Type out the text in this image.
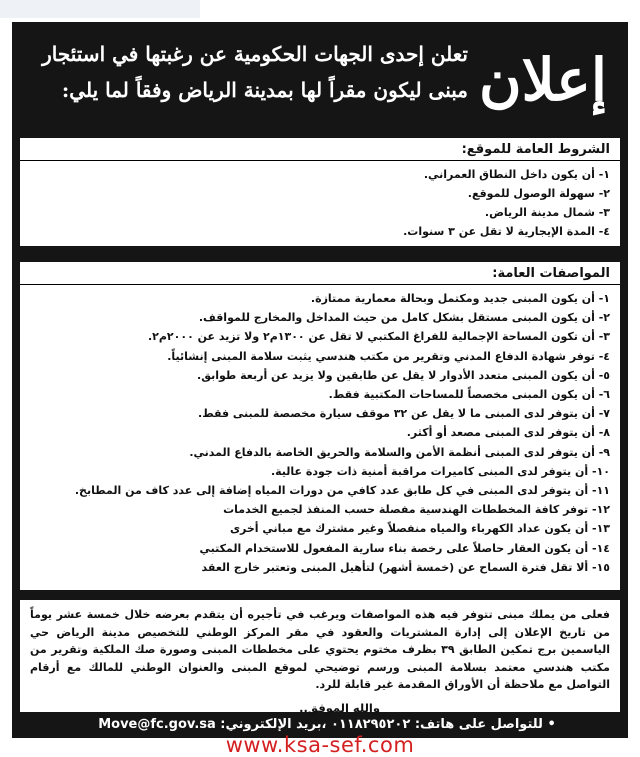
إعلان
تعلن إحدى الجهات الحكومية عن رغبتها في استئجار
مبنى ليكون مقراً لها بمدينة الرياض وفقاً لما يلي:
الشروط العامة للموقع:
١- أن يكون داخل النطاق العمراني.
٢- سهولة الوصول للموقع.
٣- شمال مدينة الرياض.
٤- المدة الإيجارية لا تقل عن ٣ سنوات.
المواصفات العامة:
١- أن يكون المبنى جديد ومكتمل وبحالة معمارية ممتازة.
٢- أن يكون المبنى مستقل بشكل كامل من حيث المداخل والمخارج للمواقف.
٣- أن تكون المساحة الإجمالية للفراغ المكتبي لا تقل عن ١٣٠٠م٢ ولا تزيد عن ٢٠٠٠م٢.
٤- توفر شهادة الدفاع المدني وتقرير من مكتب هندسي يثبت سلامة المبنى إنشائياً.
٥- أن يكون المبنى متعدد الأدوار لا يقل عن طابقين ولا يزيد عن أربعة طوابق.
٦- أن يكون المبنى مخصصاً للمساحات المكتبية فقط.
٧- أن يتوفر لدى المبنى ما لا يقل عن ٣٢ موقف سيارة مخصصة للمبنى فقط.
٨- أن يتوفر لدى المبنى مصعد أو أكثر.
٩- أن يتوفر لدى المبنى أنظمة الأمن والسلامة والحريق الخاصة بالدفاع المدني.
١٠- أن يتوفر لدى المبنى كاميرات مراقبة أمنية ذات جودة عالية.
١١- أن يتوفر لدى المبنى في كل طابق عدد كافي من دورات المياه إضافة إلى عدد كاف من المطابخ.
١٢- توفر كافة المخططات الهندسية مفصلة حسب المنفذ لجميع الخدمات
١٣- أن يكون عداد الكهرباء والمياه منفصلاً وغير مشترك مع مباني أخرى
١٤- أن يكون العقار حاصلاً على رخصة بناء سارية المفعول للاستخدام المكتبي
١٥- ألا تقل فترة السماح عن (خمسة أشهر) لتأهيل المبنى وتعتبر خارج العقد

فعلى من يملك مبنى تتوفر فيه هذه المواصفات ويرغب في تأجيره أن يتقدم بعرضه خلال خمسة عشر يوماً من تاريخ الإعلان إلى إدارة المشتريات والعقود في مقر المركز الوطني للتخصيص مدينة الرياض حي الياسمين برج تمكين الطابق ٣٩ بظرف مختوم يحتوي على مخططات المبنى وصورة صك الملكية وتقرير من مكتب هندسي معتمد بسلامة المبنى ورسم توضيحي لموقع المبنى والعنوان الوطني للمالك مع أرقام التواصل مع ملاحظة أن الأوراق المقدمة غير قابلة للرد.

والله الموفق..

• للتواصل على هاتف: ٠١١٨٢٩٥٢٠٢ ،بريد الإلكتروني: Move@fc.gov.sa
www.ksa-sef.com
